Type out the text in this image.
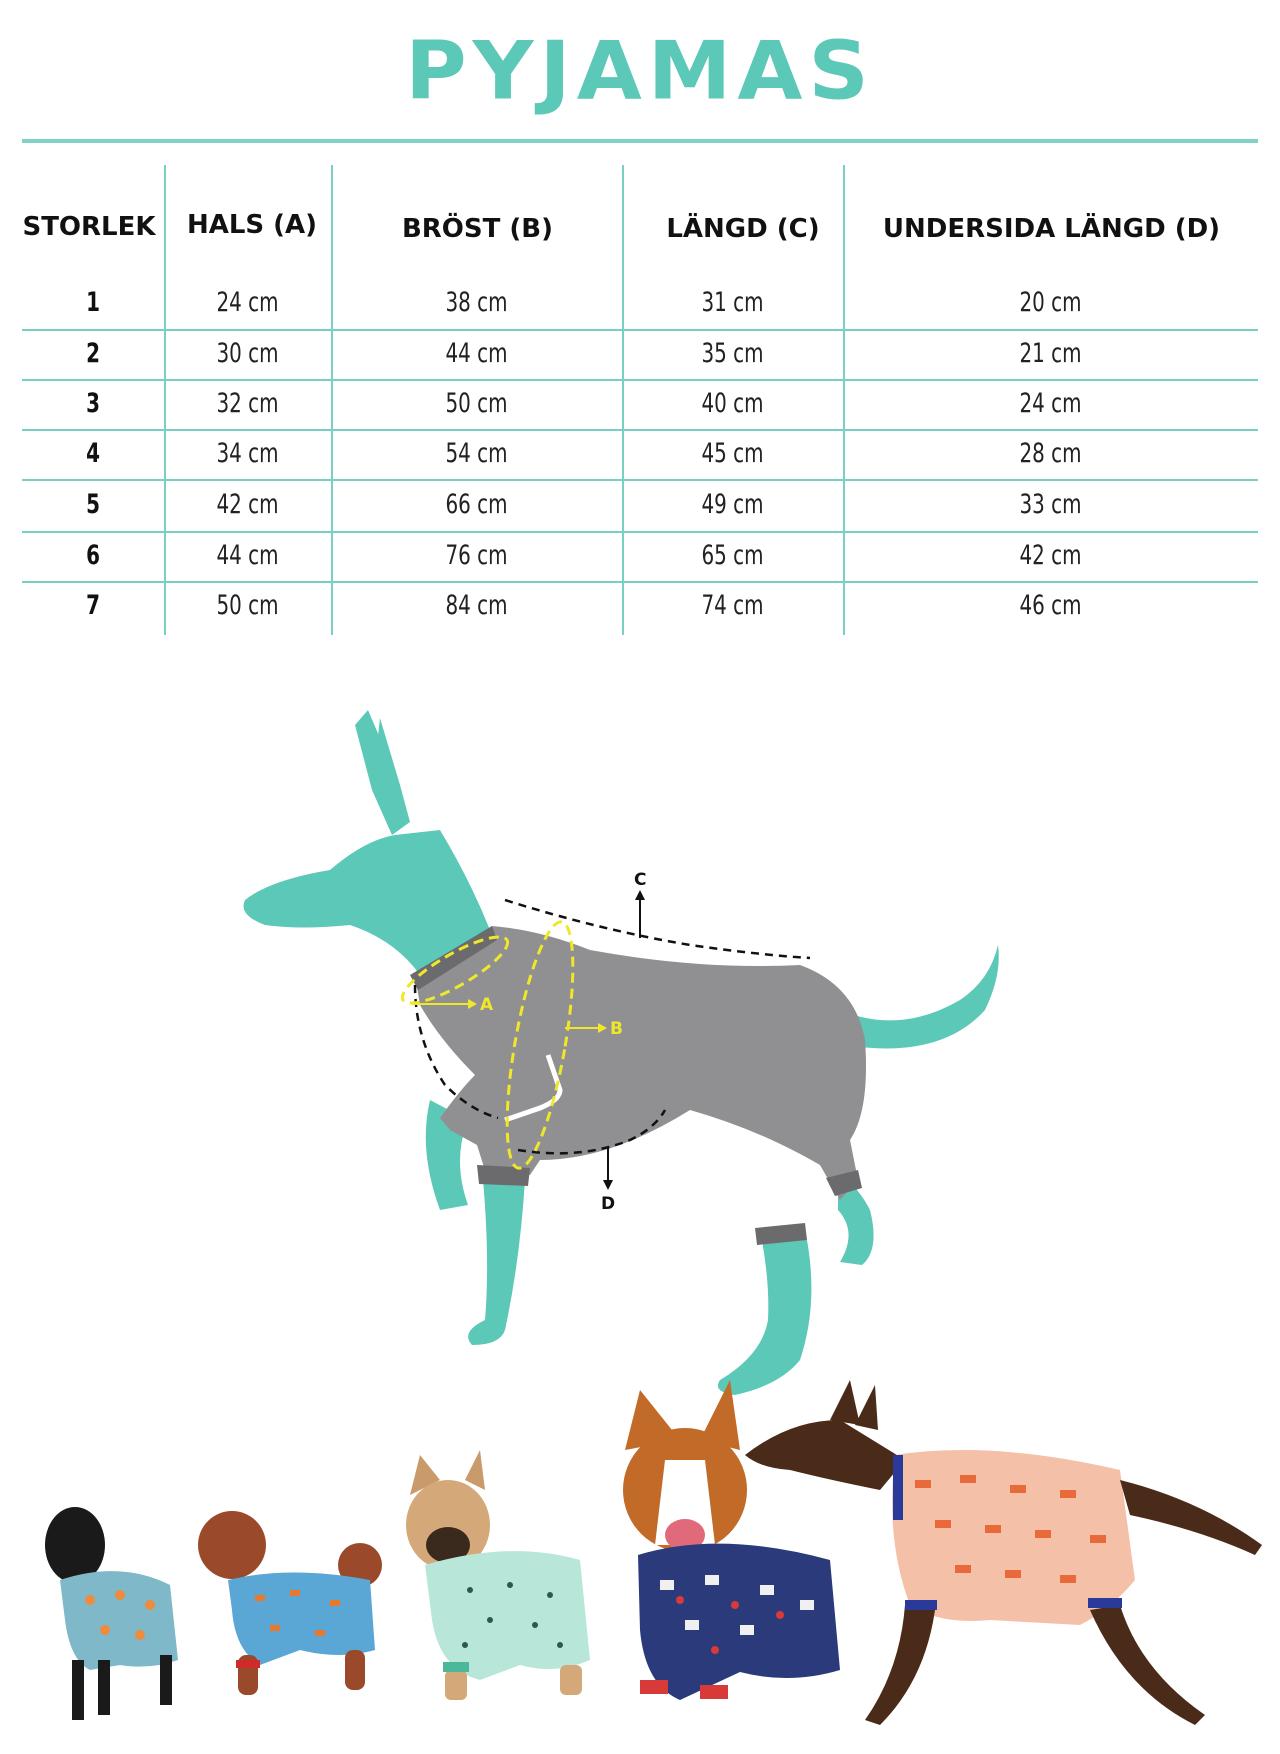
PYJAMAS
STORLEK	HALS (A)	BRÖST (B)	LÄNGD (C)	UNDERSIDA LÄNGD (D)
1	24 cm	38 cm	31 cm	20 cm
2	30 cm	44 cm	35 cm	21 cm
3	32 cm	50 cm	40 cm	24 cm
4	34 cm	54 cm	45 cm	28 cm
5	42 cm	66 cm	49 cm	33 cm
6	44 cm	76 cm	65 cm	42 cm
7	50 cm	84 cm	74 cm	46 cm
C
D
A
B
